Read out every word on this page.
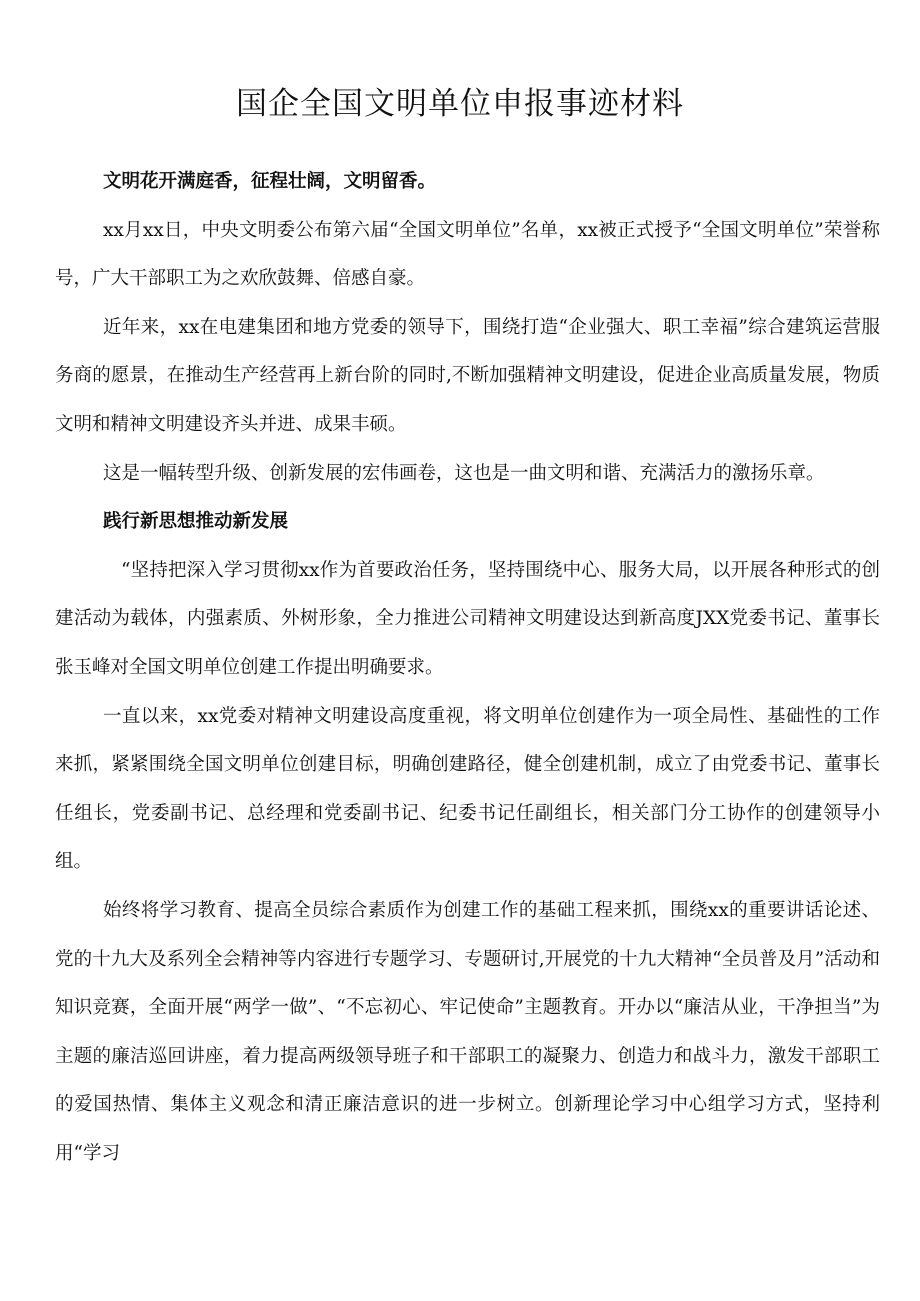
国企全国文明单位申报事迹材料

文明花开满庭香，征程壮阔，文明留香。

xx月xx日，中央文明委公布第六届“全国文明单位”名单，xx被正式授予“全国文明单位”荣誉称号，广大干部职工为之欢欣鼓舞、倍感自豪。

近年来，xx在电建集团和地方党委的领导下，围绕打造“企业强大、职工幸福”综合建筑运营服务商的愿景，在推动生产经营再上新台阶的同时,不断加强精神文明建设，促进企业高质量发展，物质文明和精神文明建设齐头并进、成果丰硕。

这是一幅转型升级、创新发展的宏伟画卷，这也是一曲文明和谐、充满活力的激扬乐章。

践行新思想推动新发展

“坚持把深入学习贯彻xx作为首要政治任务，坚持围绕中心、服务大局，以开展各种形式的创建活动为载体，内强素质、外树形象，全力推进公司精神文明建设达到新高度JXX党委书记、董事长张玉峰对全国文明单位创建工作提出明确要求。

一直以来，xx党委对精神文明建设高度重视，将文明单位创建作为一项全局性、基础性的工作来抓，紧紧围绕全国文明单位创建目标，明确创建路径，健全创建机制，成立了由党委书记、董事长任组长，党委副书记、总经理和党委副书记、纪委书记任副组长，相关部门分工协作的创建领导小组。

始终将学习教育、提高全员综合素质作为创建工作的基础工程来抓，围绕xx的重要讲话论述、党的十九大及系列全会精神等内容进行专题学习、专题研讨,开展党的十九大精神“全员普及月”活动和知识竞赛，全面开展“两学一做”、“不忘初心、牢记使命”主题教育。开办以“廉洁从业，干净担当”为主题的廉洁巡回讲座，着力提高两级领导班子和干部职工的凝聚力、创造力和战斗力，激发干部职工的爱国热情、集体主义观念和清正廉洁意识的进一步树立。创新理论学习中心组学习方式，坚持利用“学习
